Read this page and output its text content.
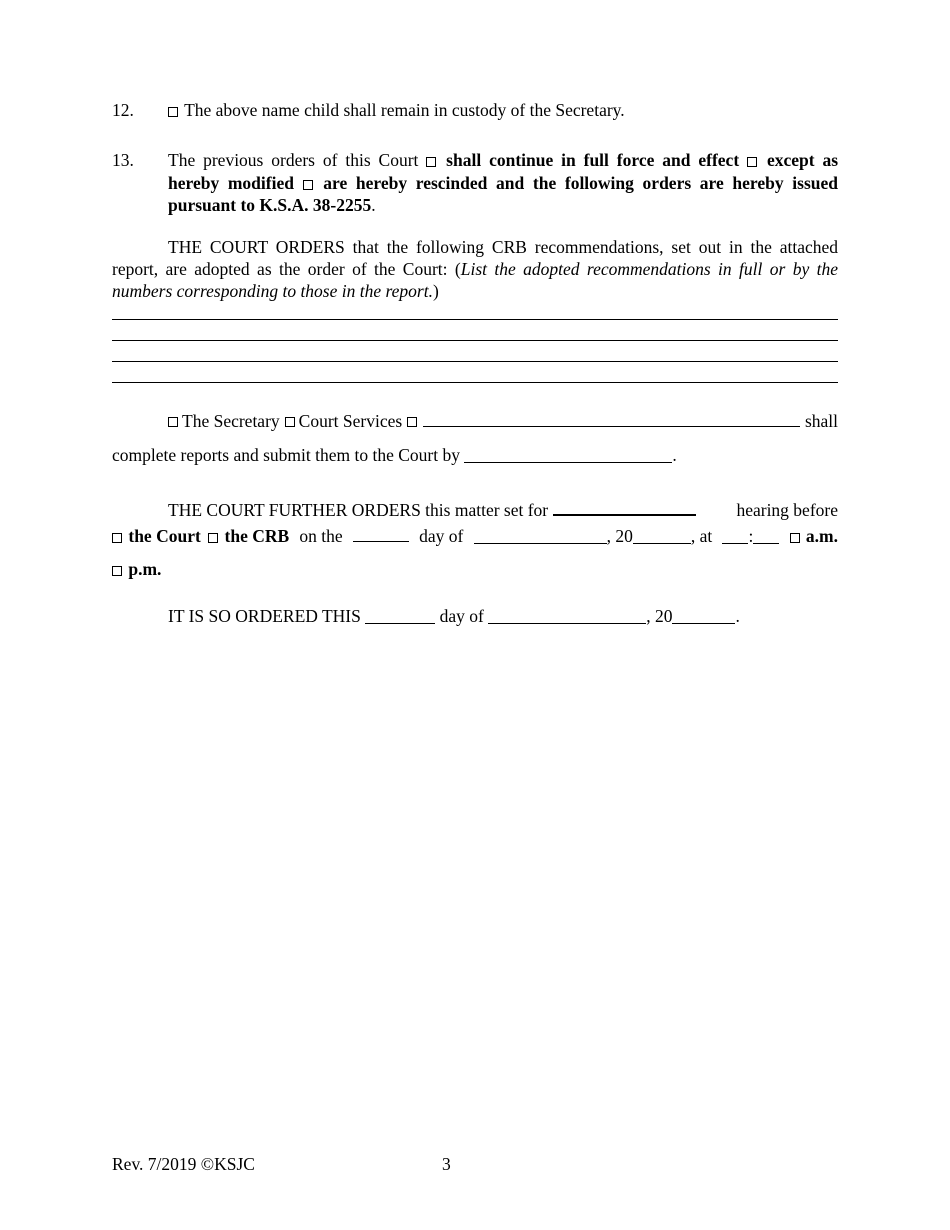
12.	The above name child shall remain in custody of the Secretary.
13. The previous orders of this Court shall continue in full force and effect except as
hereby modified are hereby rescinded and the following orders are hereby issued
pursuant to K.S.A. 38-2255.
THE COURT ORDERS that the following CRB recommendations, set out in the attached
report, are adopted as the order of the Court: (List the adopted recommendations in full or by the
numbers corresponding to those in the report.)
The Secretary Court Services	shall
complete reports and submit them to the Court by	.
THE COURT FURTHER ORDERS this matter set for	hearing before
the Court the CRB on the	day of	, 20	, at	:	a.m.
p.m.
IT IS SO ORDERED THIS	day of	, 20	.
Rev. 7/2019 ©KSJC	3
